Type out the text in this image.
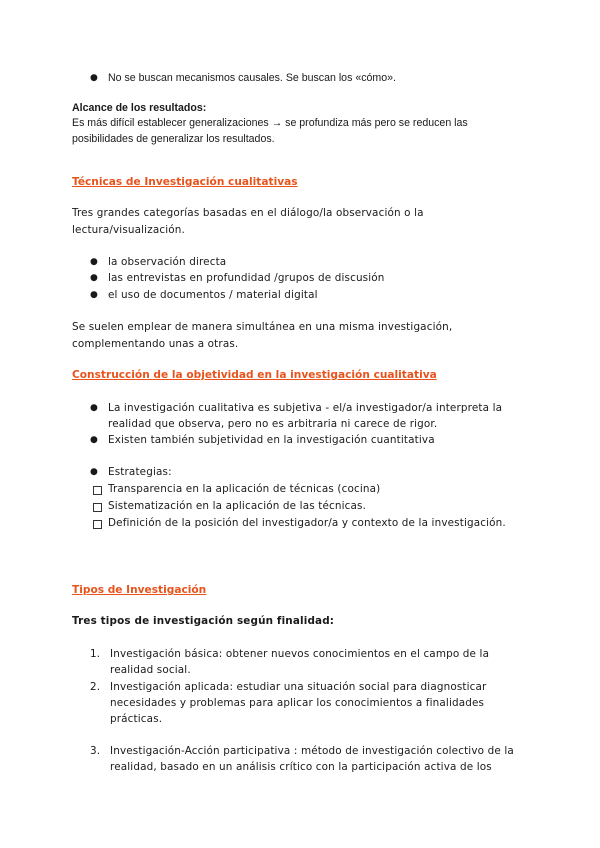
● No se buscan mecanismos causales. Se buscan los «cómo».
Alcance de los resultados:
Es más difícil establecer generalizaciones → se profundiza más pero se reducen las
posibilidades de generalizar los resultados.
Técnicas de Investigación cualitativas
Tres grandes categorías basadas en el diálogo/la observación o la
lectura/visualización.
● la observación directa
● las entrevistas en profundidad /grupos de discusión
● el uso de documentos / material digital
Se suelen emplear de manera simultánea en una misma investigación,
complementando unas a otras.
Construcción de la objetividad en la investigación cualitativa
● La investigación cualitativa es subjetiva - el/a investigador/a interpreta la
realidad que observa, pero no es arbitraria ni carece de rigor.
● Existen también subjetividad en la investigación cuantitativa
● Estrategias:
Transparencia en la aplicación de técnicas (cocina)
Sistematización en la aplicación de las técnicas.
Definición de la posición del investigador/a y contexto de la investigación.
Tipos de Investigación
Tres tipos de investigación según finalidad:
1. Investigación básica: obtener nuevos conocimientos en el campo de la
realidad social.
2. Investigación aplicada: estudiar una situación social para diagnosticar
necesidades y problemas para aplicar los conocimientos a finalidades
prácticas.
3. Investigación-Acción participativa : método de investigación colectivo de la
realidad, basado en un análisis crítico con la participación activa de los
